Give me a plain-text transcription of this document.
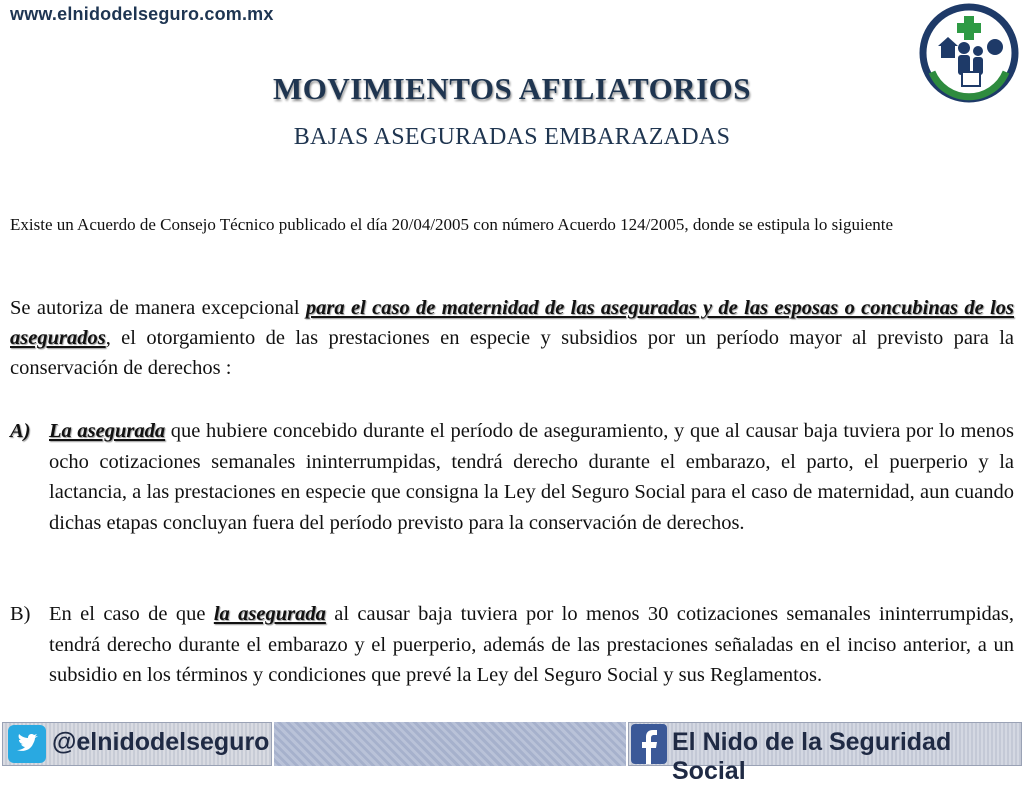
www.elnidodelseguro.com.mx
MOVIMIENTOS AFILIATORIOS
BAJAS ASEGURADAS EMBARAZADAS
Existe un Acuerdo de Consejo Técnico publicado el día 20/04/2005 con número Acuerdo 124/2005, donde se estipula lo siguiente
Se autoriza de manera excepcional para el caso de maternidad de las aseguradas y de las esposas o concubinas de los asegurados, el otorgamiento de las prestaciones en especie y subsidios por un período mayor al previsto para la conservación de derechos :
A) La asegurada que hubiere concebido durante el período de aseguramiento, y que al causar baja tuviera por lo menos ocho cotizaciones semanales ininterrumpidas, tendrá derecho durante el embarazo, el parto, el puerperio y la lactancia, a las prestaciones en especie que consigna la Ley del Seguro Social para el caso de maternidad, aun cuando dichas etapas concluyan fuera del período previsto para la conservación de derechos.
B) En el caso de que la asegurada al causar baja tuviera por lo menos 30 cotizaciones semanales ininterrumpidas, tendrá derecho durante el embarazo y el puerperio, además de las prestaciones señaladas en el inciso anterior, a un subsidio en los términos y condiciones que prevé la Ley del Seguro Social y sus Reglamentos.
@elnidodelseguro	El Nido de la Seguridad Social
